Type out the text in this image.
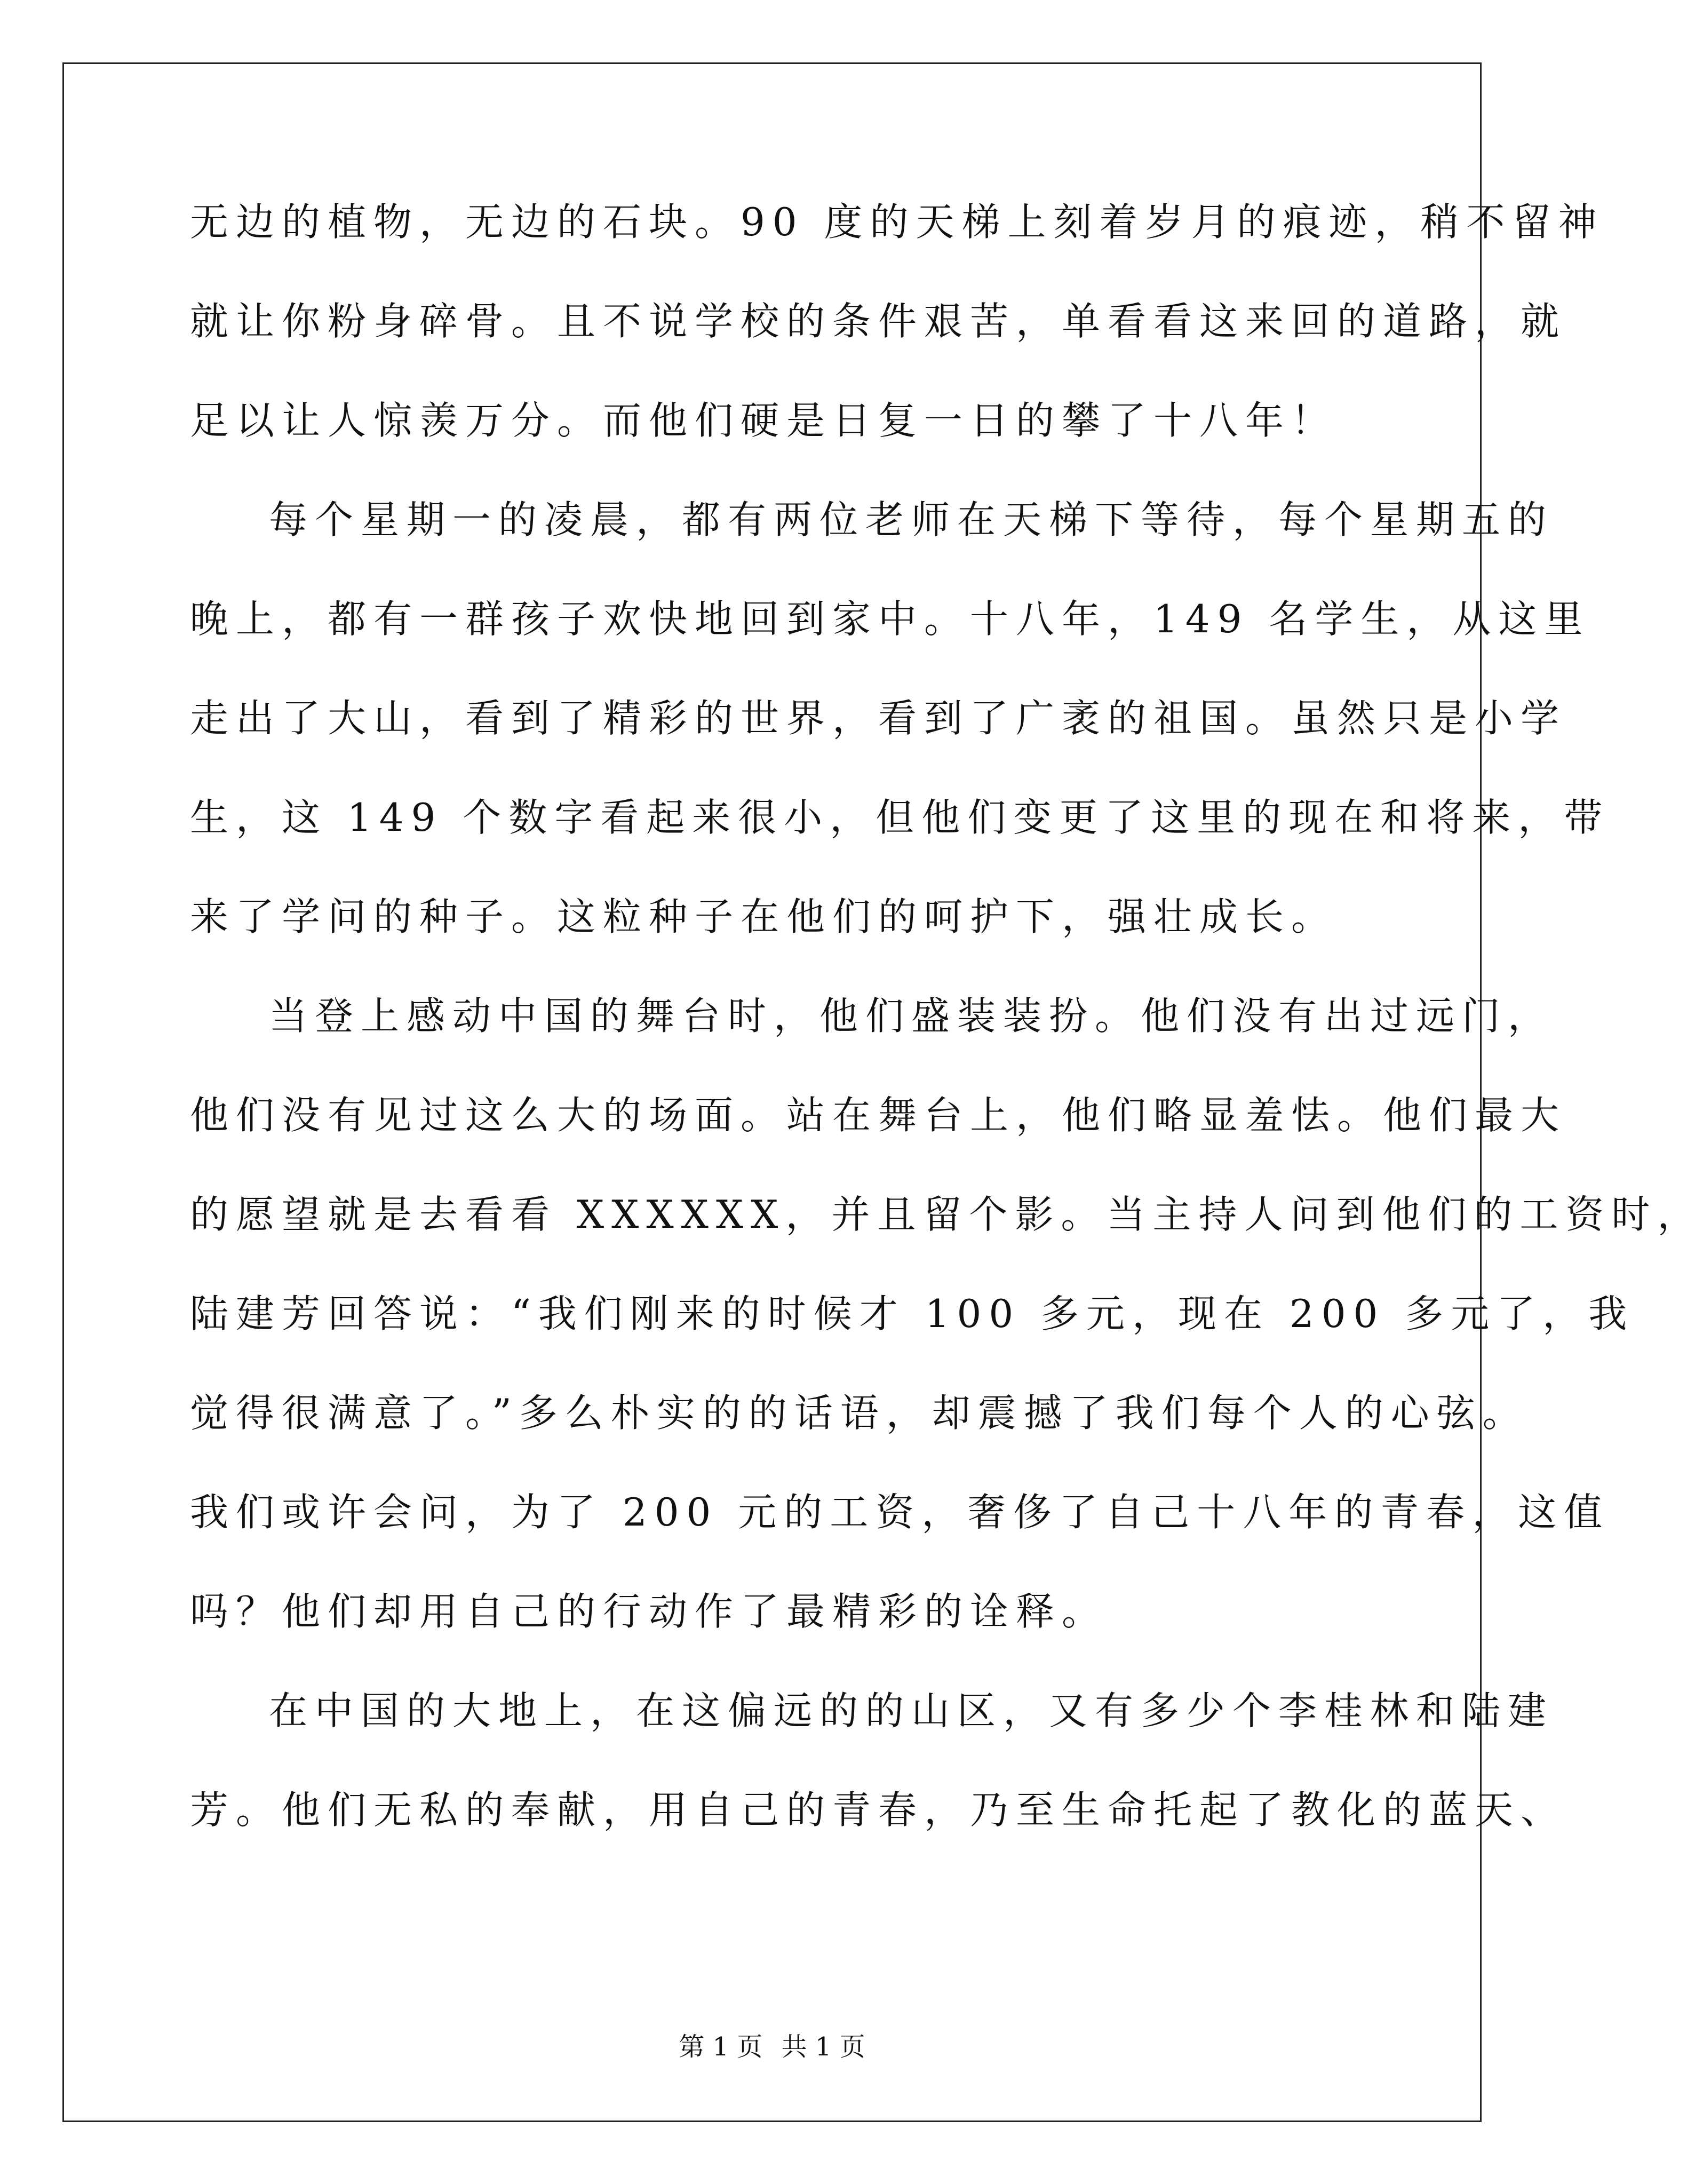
无边的植物，无边的石块。90 度的天梯上刻着岁月的痕迹，稍不留神
就让你粉身碎骨。且不说学校的条件艰苦，单看看这来回的道路，就
足以让人惊羡万分。而他们硬是日复一日的攀了十八年！
每个星期一的凌晨，都有两位老师在天梯下等待，每个星期五的
晚上，都有一群孩子欢快地回到家中。十八年，149 名学生，从这里
走出了大山，看到了精彩的世界，看到了广袤的祖国。虽然只是小学
生，这 149 个数字看起来很小，但他们变更了这里的现在和将来，带
来了学问的种子。这粒种子在他们的呵护下，强壮成长。
当登上感动中国的舞台时，他们盛装装扮。他们没有出过远门，
他们没有见过这么大的场面。站在舞台上，他们略显羞怯。他们最大
的愿望就是去看看 XXXXXX，并且留个影。当主持人问到他们的工资时，
陆建芳回答说：“我们刚来的时候才 100 多元，现在 200 多元了，我
觉得很满意了。”多么朴实的的话语，却震撼了我们每个人的心弦。
我们或许会问，为了 200 元的工资，奢侈了自己十八年的青春，这值
吗？他们却用自己的行动作了最精彩的诠释。
在中国的大地上，在这偏远的的山区，又有多少个李桂林和陆建
芳。他们无私的奉献，用自己的青春，乃至生命托起了教化的蓝天、
第 1 页 共 1 页
